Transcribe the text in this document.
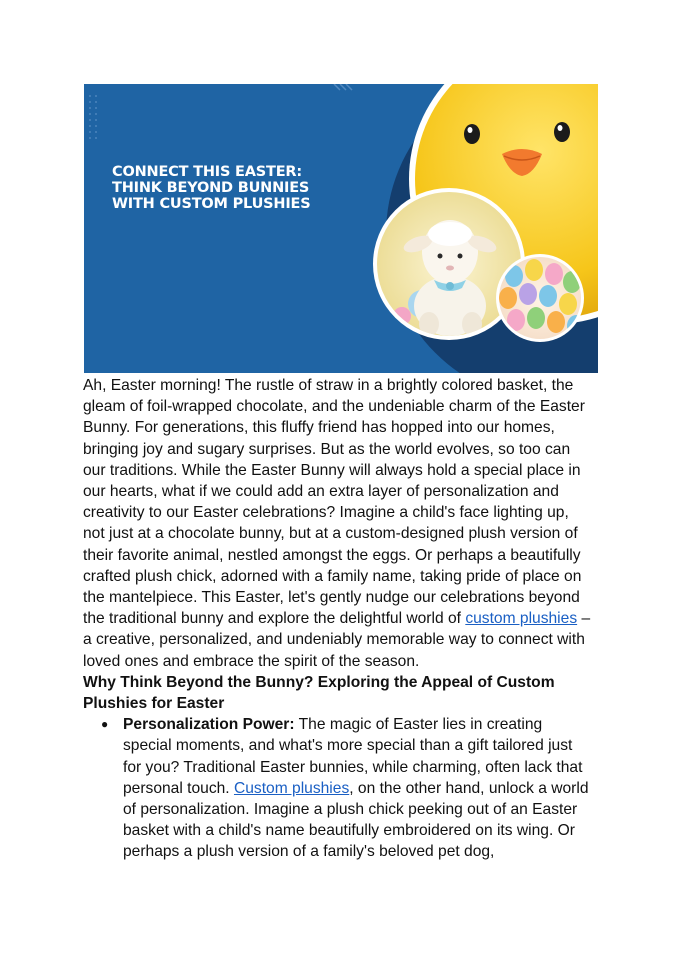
CONNECT THIS EASTER:
THINK BEYOND BUNNIES
WITH CUSTOM PLUSHIES

Ah, Easter morning! The rustle of straw in a brightly colored basket, the gleam of foil-wrapped chocolate, and the undeniable charm of the Easter Bunny. For generations, this fluffy friend has hopped into our homes, bringing joy and sugary surprises. But as the world evolves, so too can our traditions. While the Easter Bunny will always hold a special place in our hearts, what if we could add an extra layer of personalization and creativity to our Easter celebrations? Imagine a child's face lighting up, not just at a chocolate bunny, but at a custom-designed plush version of their favorite animal, nestled amongst the eggs. Or perhaps a beautifully crafted plush chick, adorned with a family name, taking pride of place on the mantelpiece. This Easter, let's gently nudge our celebrations beyond the traditional bunny and explore the delightful world of custom plushies – a creative, personalized, and undeniably memorable way to connect with loved ones and embrace the spirit of the season.

Why Think Beyond the Bunny? Exploring the Appeal of Custom Plushies for Easter
● Personalization Power: The magic of Easter lies in creating special moments, and what's more special than a gift tailored just for you? Traditional Easter bunnies, while charming, often lack that personal touch. Custom plushies, on the other hand, unlock a world of personalization. Imagine a plush chick peeking out of an Easter basket with a child's name beautifully embroidered on its wing. Or perhaps a plush version of a family's beloved pet dog,
